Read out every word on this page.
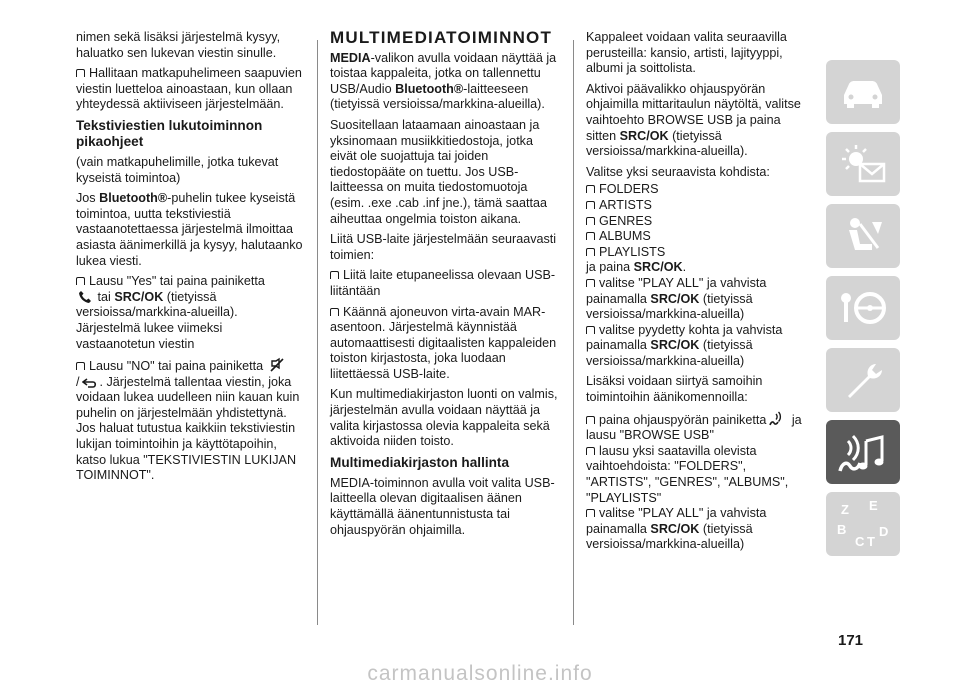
nimen sekä lisäksi järjestelmä kysyy, haluatko sen lukevan viestin sinulle.

Hallitaan matkapuhelimeen saapuvien viestin luetteloa ainoastaan, kun ollaan yhteydessä aktiiviseen järjestelmään.

Tekstiviestien lukutoiminnon pikaohjeet

(vain matkapuhelimille, jotka tukevat kyseistä toimintoa)

Jos Bluetooth®-puhelin tukee kyseistä toimintoa, uutta tekstiviestiä vastaanotettaessa järjestelmä ilmoittaa asiasta äänimerkillä ja kysyy, halutaanko lukea viesti.

Lausu "Yes" tai paina painiketta
tai SRC/OK (tietyissä versioissa/markkina-alueilla). Järjestelmä lukee viimeksi vastaanotetun viestin

Lausu "NO" tai paina painiketta
/ . Järjestelmä tallentaa viestin, joka voidaan lukea uudelleen niin kauan kuin puhelin on järjestelmään yhdistettynä. Jos haluat tutustua kaikkiin tekstiviestin lukijan toimintoihin ja käyttötapoihin, katso lukua "TEKSTIVIESTIN LUKIJAN TOIMINNOT".

MULTIMEDIATOIMINNOT

MEDIA-valikon avulla voidaan näyttää ja toistaa kappaleita, jotka on tallennettu USB/Audio Bluetooth®-laitteeseen (tietyissä versioissa/markkina-alueilla).

Suositellaan lataamaan ainoastaan ja yksinomaan musiikkitiedostoja, jotka eivät ole suojattuja tai joiden tiedostopääte on tuettu. Jos USB-laitteessa on muita tiedostomuotoja (esim. .exe .cab .inf jne.), tämä saattaa aiheuttaa ongelmia toiston aikana.

Liitä USB-laite järjestelmään seuraavasti toimien:

Liitä laite etupaneelissa olevaan USB-liitäntään

Käännä ajoneuvon virta-avain MAR-asentoon. Järjestelmä käynnistää automaattisesti digitaalisten kappaleiden toiston kirjastosta, joka luodaan liitettäessä USB-laite.

Kun multimediakirjaston luonti on valmis, järjestelmän avulla voidaan näyttää ja valita kirjastossa olevia kappaleita sekä aktivoida niiden toisto.

Multimediakirjaston hallinta

MEDIA-toiminnon avulla voit valita USB-laitteella olevan digitaalisen äänen käyttämällä äänentunnistusta tai ohjauspyörän ohjaimilla.

Kappaleet voidaan valita seuraavilla perusteilla: kansio, artisti, lajityyppi, albumi ja soittolista.

Aktivoi päävalikko ohjauspyörän ohjaimilla mittaritaulun näytöltä, valitse vaihtoehto BROWSE USB ja paina sitten SRC/OK (tietyissä versioissa/markkina-alueilla).

Valitse yksi seuraavista kohdista:

FOLDERS
ARTISTS
GENRES
ALBUMS
PLAYLISTS

ja paina SRC/OK.

valitse "PLAY ALL" ja vahvista painamalla SRC/OK (tietyissä versioissa/markkina-alueilla)

valitse pyydetty kohta ja vahvista painamalla SRC/OK (tietyissä versioissa/markkina-alueilla)

Lisäksi voidaan siirtyä samoihin toimintoihin äänikomennoilla:

paina ohjauspyörän painiketta ja lausu "BROWSE USB"

lausu yksi saatavilla olevista vaihtoehdoista: "FOLDERS", "ARTISTS", "GENRES", "ALBUMS", "PLAYLISTS"

valitse "PLAY ALL" ja vahvista painamalla SRC/OK (tietyissä versioissa/markkina-alueilla)

Z E
B
C T
D
171
carmanualsonline.info
